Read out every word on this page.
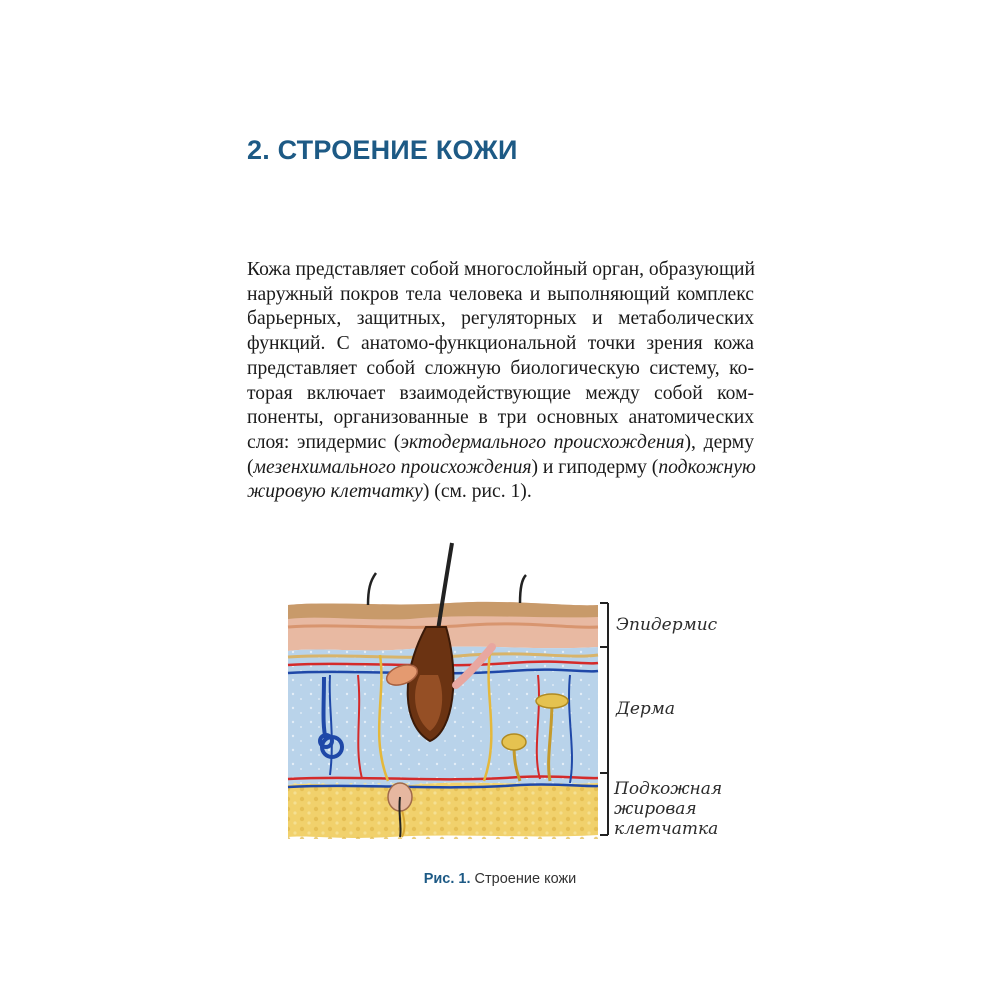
2. СТРОЕНИЕ КОЖИ

Кожа представляет собой многослойный орган, образующий
наружный покров тела человека и выполняющий комплекс
барьерных, защитных, регуляторных и метаболических
функций. С анатомо-функциональной точки зрения кожа
представляет собой сложную биологическую систему, ко-
торая включает взаимодействующие между собой ком-
поненты, организованные в три основных анатомических
слоя: эпидермис (эктодермального происхождения), дерму
(мезенхимального происхождения) и гиподерму (подкожную
жировую клетчатку) (см. рис. 1).

Эпидермис
Дерма
Подкожная
жировая
клетчатка
Рис. 1. Строение кожи
